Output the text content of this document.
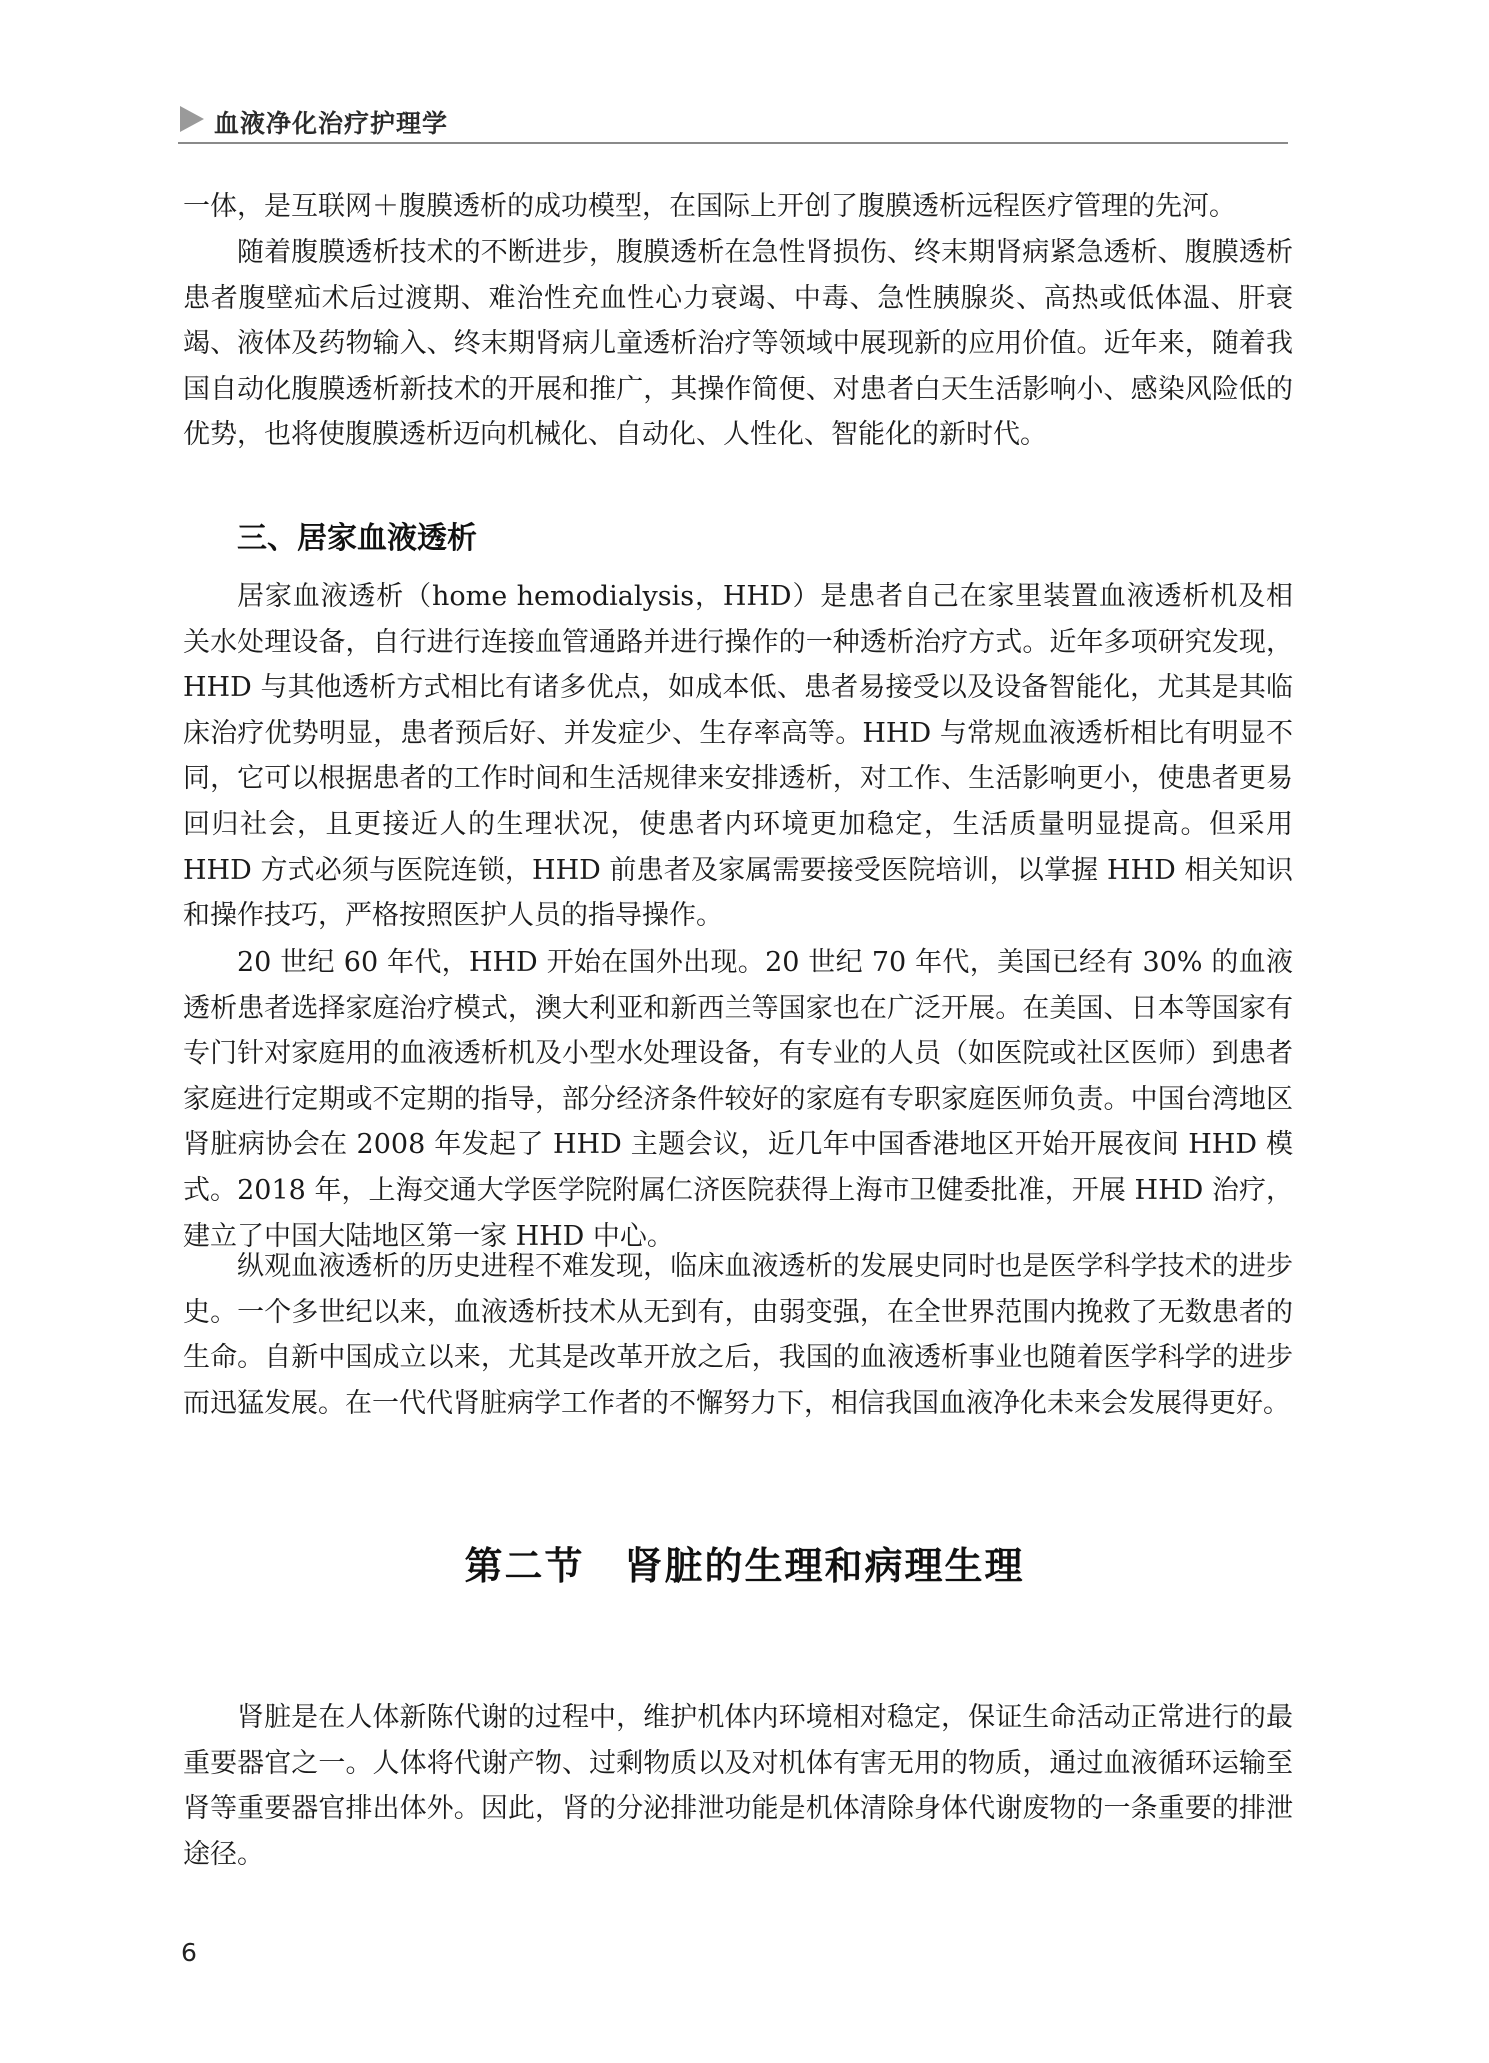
血液净化治疗护理学

一体，是互联网＋腹膜透析的成功模型，在国际上开创了腹膜透析远程医疗管理的先河。

随着腹膜透析技术的不断进步，腹膜透析在急性肾损伤、终末期肾病紧急透析、腹膜透析患者腹壁疝术后过渡期、难治性充血性心力衰竭、中毒、急性胰腺炎、高热或低体温、肝衰竭、液体及药物输入、终末期肾病儿童透析治疗等领域中展现新的应用价值。近年来，随着我国自动化腹膜透析新技术的开展和推广，其操作简便、对患者白天生活影响小、感染风险低的优势，也将使腹膜透析迈向机械化、自动化、人性化、智能化的新时代。

三、居家血液透析

居家血液透析（home hemodialysis，HHD）是患者自己在家里装置血液透析机及相关水处理设备，自行进行连接血管通路并进行操作的一种透析治疗方式。近年多项研究发现，HHD 与其他透析方式相比有诸多优点，如成本低、患者易接受以及设备智能化，尤其是其临床治疗优势明显，患者预后好、并发症少、生存率高等。HHD 与常规血液透析相比有明显不同，它可以根据患者的工作时间和生活规律来安排透析，对工作、生活影响更小，使患者更易回归社会，且更接近人的生理状况，使患者内环境更加稳定，生活质量明显提高。但采用 HHD 方式必须与医院连锁，HHD 前患者及家属需要接受医院培训，以掌握 HHD 相关知识和操作技巧，严格按照医护人员的指导操作。

20 世纪 60 年代，HHD 开始在国外出现。20 世纪 70 年代，美国已经有 30% 的血液透析患者选择家庭治疗模式，澳大利亚和新西兰等国家也在广泛开展。在美国、日本等国家有专门针对家庭用的血液透析机及小型水处理设备，有专业的人员（如医院或社区医师）到患者家庭进行定期或不定期的指导，部分经济条件较好的家庭有专职家庭医师负责。中国台湾地区肾脏病协会在 2008 年发起了 HHD 主题会议，近几年中国香港地区开始开展夜间 HHD 模式。2018 年，上海交通大学医学院附属仁济医院获得上海市卫健委批准，开展 HHD 治疗，建立了中国大陆地区第一家 HHD 中心。

纵观血液透析的历史进程不难发现，临床血液透析的发展史同时也是医学科学技术的进步史。一个多世纪以来，血液透析技术从无到有，由弱变强，在全世界范围内挽救了无数患者的生命。自新中国成立以来，尤其是改革开放之后，我国的血液透析事业也随着医学科学的进步而迅猛发展。在一代代肾脏病学工作者的不懈努力下，相信我国血液净化未来会发展得更好。

第二节　肾脏的生理和病理生理

肾脏是在人体新陈代谢的过程中，维护机体内环境相对稳定，保证生命活动正常进行的最重要器官之一。人体将代谢产物、过剩物质以及对机体有害无用的物质，通过血液循环运输至肾等重要器官排出体外。因此，肾的分泌排泄功能是机体清除身体代谢废物的一条重要的排泄途径。

6
